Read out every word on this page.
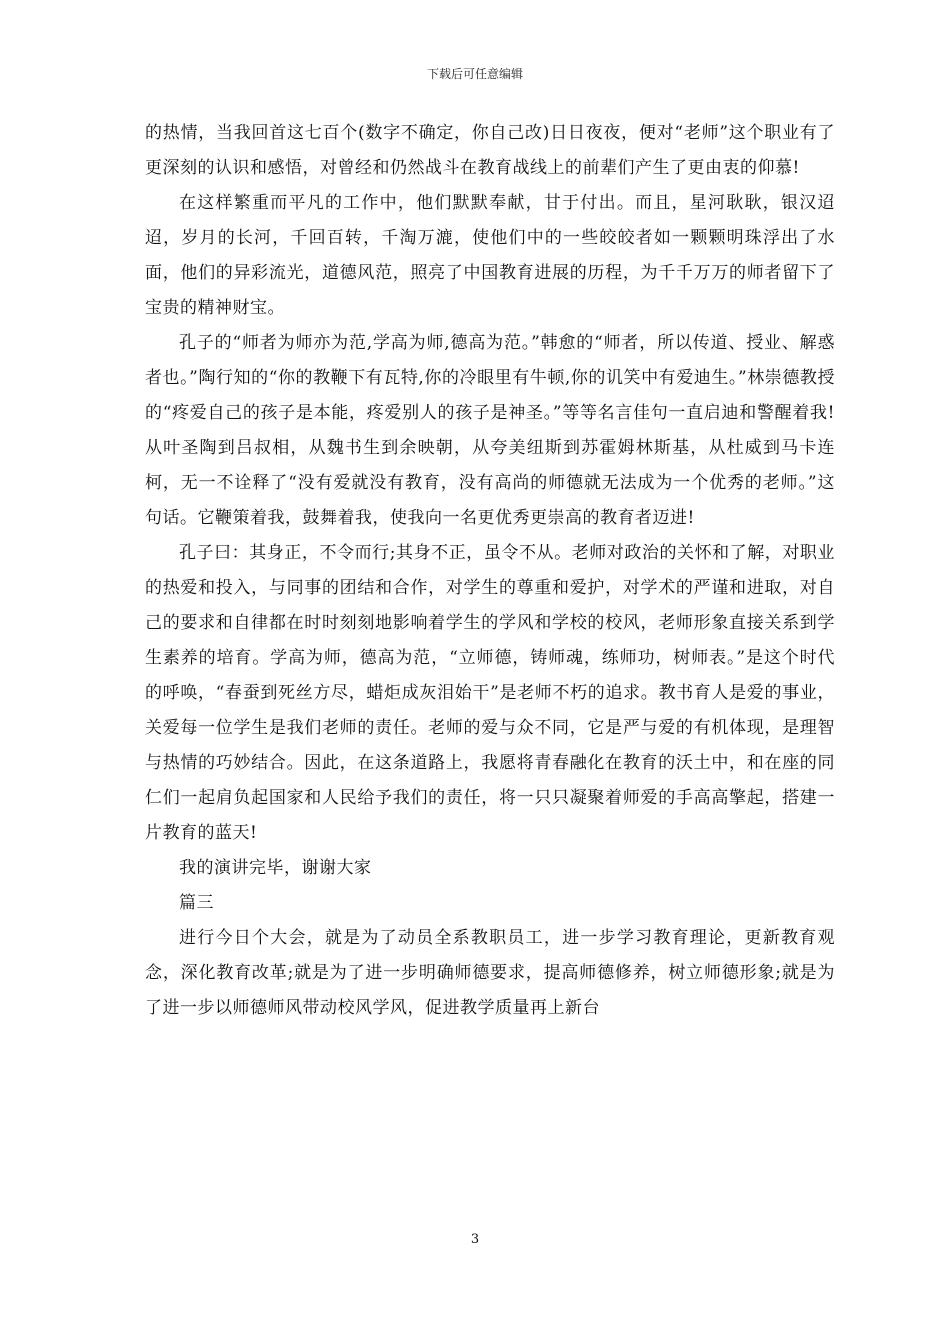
下载后可任意编辑

的热情，当我回首这七百个(数字不确定，你自己改)日日夜夜，便对“老师”这个职业有了更深刻的认识和感悟，对曾经和仍然战斗在教育战线上的前辈们产生了更由衷的仰慕!

在这样繁重而平凡的工作中，他们默默奉献，甘于付出。而且，星河耿耿，银汉迢迢，岁月的长河，千回百转，千淘万漉，使他们中的一些皎皎者如一颗颗明珠浮出了水面，他们的异彩流光，道德风范，照亮了中国教育进展的历程，为千千万万的师者留下了宝贵的精神财宝。

孔子的“师者为师亦为范,学高为师,德高为范。”韩愈的“师者，所以传道、授业、解惑者也。”陶行知的“你的教鞭下有瓦特,你的冷眼里有牛顿,你的讥笑中有爱迪生。”林崇德教授的“疼爱自己的孩子是本能，疼爱别人的孩子是神圣。”等等名言佳句一直启迪和警醒着我!从叶圣陶到吕叔相，从魏书生到余映朝，从夸美纽斯到苏霍姆林斯基，从杜威到马卡连柯，无一不诠释了“没有爱就没有教育，没有高尚的师德就无法成为一个优秀的老师。”这句话。它鞭策着我，鼓舞着我，使我向一名更优秀更崇高的教育者迈进!

孔子曰：其身正，不令而行;其身不正，虽令不从。老师对政治的关怀和了解，对职业的热爱和投入，与同事的团结和合作，对学生的尊重和爱护，对学术的严谨和进取，对自己的要求和自律都在时时刻刻地影响着学生的学风和学校的校风，老师形象直接关系到学生素养的培育。学高为师，德高为范，“立师德，铸师魂，练师功，树师表。”是这个时代的呼唤，“春蚕到死丝方尽，蜡炬成灰泪始干”是老师不朽的追求。教书育人是爱的事业，关爱每一位学生是我们老师的责任。老师的爱与众不同，它是严与爱的有机体现，是理智与热情的巧妙结合。因此，在这条道路上，我愿将青春融化在教育的沃土中，和在座的同仁们一起肩负起国家和人民给予我们的责任，将一只只凝聚着师爱的手高高擎起，搭建一片教育的蓝天!

我的演讲完毕，谢谢大家

篇三

进行今日个大会，就是为了动员全系教职员工，进一步学习教育理论，更新教育观念，深化教育改革;就是为了进一步明确师德要求，提高师德修养，树立师德形象;就是为了进一步以师德师风带动校风学风，促进教学质量再上新台

3
